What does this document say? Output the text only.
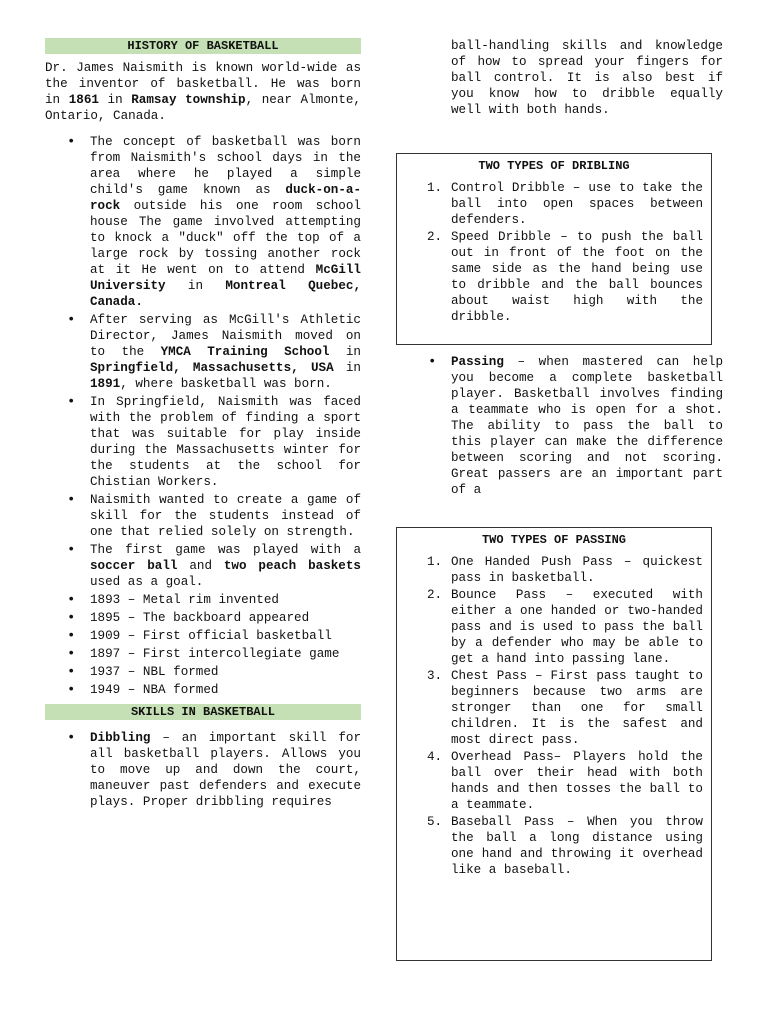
HISTORY OF BASKETBALL

Dr. James Naismith is known world-wide as the inventor of basketball. He was born in 1861 in Ramsay township, near Almonte, Ontario, Canada.

• The concept of basketball was born from Naismith's school days in the area where he played a simple child's game known as duck-on-a-rock outside his one room school house The game involved attempting to knock a "duck" off the top of a large rock by tossing another rock at it He went on to attend McGill University in Montreal Quebec, Canada.
• After serving as McGill's Athletic Director, James Naismith moved on to the YMCA Training School in Springfield, Massachusetts, USA in 1891, where basketball was born.
• In Springfield, Naismith was faced with the problem of finding a sport that was suitable for play inside during the Massachusetts winter for the students at the school for Chistian Workers.
• Naismith wanted to create a game of skill for the students instead of one that relied solely on strength.
• The first game was played with a soccer ball and two peach baskets used as a goal.
• 1893 – Metal rim invented
• 1895 – The backboard appeared
• 1909 – First official basketball
• 1897 – First intercollegiate game
• 1937 – NBL formed
• 1949 – NBA formed
SKILLS IN BASKETBALL
• Dibbling – an important skill for all basketball players. Allows you to move up and down the court, maneuver past defenders and execute plays. Proper dribbling requires

ball-handling skills and knowledge of how to spread your fingers for ball control. It is also best if you know how to dribble equally well with both hands.

TWO TYPES OF DRIBLING
1. Control Dribble – use to take the ball into open spaces between defenders.
2. Speed Dribble – to push the ball out in front of the foot on the same side as the hand being use to dribble and the ball bounces about waist high with the dribble.
• Passing – when mastered can help you become a complete basketball player. Basketball involves finding a teammate who is open for a shot. The ability to pass the ball to this player can make the difference between scoring and not scoring. Great passers are an important part of a
TWO TYPES OF PASSING
1. One Handed Push Pass – quickest pass in basketball.
2. Bounce Pass – executed with either a one handed or two-handed pass and is used to pass the ball by a defender who may be able to get a hand into passing lane.
3. Chest Pass – First pass taught to beginners because two arms are stronger than one for small children. It is the safest and most direct pass.
4. Overhead Pass– Players hold the ball over their head with both hands and then tosses the ball to a teammate.
5. Baseball Pass – When you throw the ball a long distance using one hand and throwing it overhead like a baseball.
